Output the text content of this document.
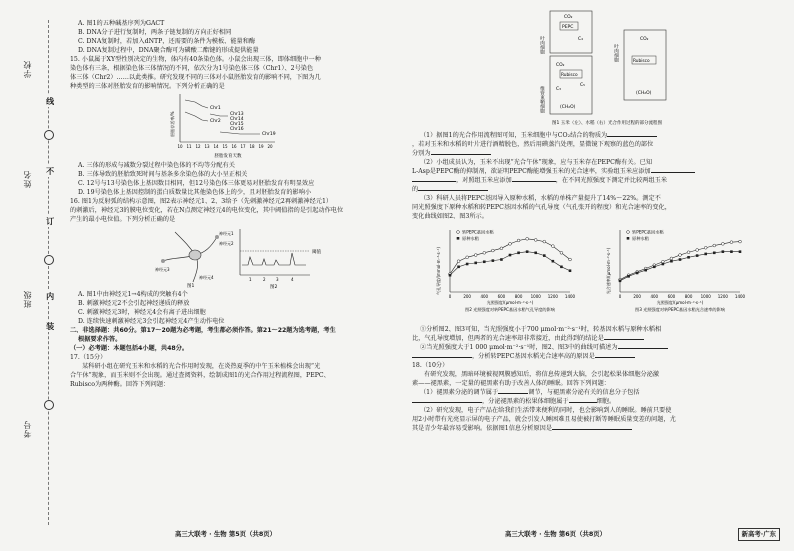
学校
姓名
班级
考号
线
订
装
不
内

A. 图1的五种碱基序列为GACT

B. DNA分子进行复制时，两条子链复制的方向正好相同

C. DNA复制时，若加入dNTP，还需要的条件为模板、能量和酶

D. DNA复制过程中，DNA聚合酶可为磷酸二酯键的形成提供能量

15. 小鼠属于XY型性别决定的生物，体内有40条染色体。小鼠会出现三体，即体细胞中一种

染色体有三条，根据染色体三体情况的不同，依次分为1号染色体三体（Chr1）、2号染色

体三体（Chr2）……以此类推。研究发现不同的三体对小鼠胚胎发育的影响不同，下图为几

种类型的三体对胚胎发育的影响情况。下列分析正确的是

胚胎存活率/%
10 11 12 13 14 15 16 17 18 19 20
Chr1
Chr2
Chr13
Chr14
Chr15
Chr16
Chr19
胚胎发育天数

A. 三体的形成与减数分裂过程中染色体的不均等分配有关

B. 三体导致的胚胎致死时间与基条多余染色体的大小呈正相关

C. 12号与13号染色体上基因数目相同，但12号染色体三体更易对胚胎发育有明显效应

D. 19号染色体上基因控制的蛋白质数量比其他染色体上的少，且对胚胎发育的影响小

16. 图1为反射弧的结构示意图，图2表示神经元1、2、3给予（先刺激神经元2再刺激神经元1）

的刺激后，神经元3的膜电位变化，若在N点测定神经元4的电位变化，其中阈值指的是引起动作电位

产生的最小电位值。下列分析正确的是

神经元1
神经元2
神经元3
神经元4
图1
阈值
1	2	3	4
图2

A. 图1中由神经元1→4构成的突触有4个

B. 刺激神经元2不会引起神经递质的释放

C. 刺激神经元3时，神经元4会有离子进出细胞

D. 连续快速刺激神经元3会引起神经元4产生动作电位

二、非选择题：共60分。第17～20题为必考题，考生都必须作答。第21～22题为选考题，考生

根据要求作答。

（一）必考题：本题包括4小题，共48分。

17.（15分）

某科研小组在研究玉米和水稻的光合作用时发现，在炎热夏季的中午玉米植株会出现“光

合午休”现象，而玉米则不会出现。通过查阅资料，绘制成图1的光合作用过程流程图，PEPC、

Rubisco为两种酶。回答下列问题：

高三大联考 · 生物 第5页（共8页）
叶肉细胞
维管束鞘细胞
CO₂
PEPC
C₄
CO₂
Rubisco
C₅
C₃
(CH₂O)
叶肉细胞
CO₂
Rubisco
(CH₂O)
图1 玉米（左）、水稻（右）光合作用过程的部分流程图

（1）据图1的光合作用流程图可知，玉米细胞中与CO₂结合的物质为

，若对玉米和水稻的叶片进行酒精脱色，然后用碘蒸汽处理，显微镜下观察的蓝色的部位

分别为

（2）小组成员认为，玉米不出现“光合午休”现象，应与玉米存在PEPC酶有关。已知

L-Asp是PEPC酶的抑制剂，欲证明PEPC酶能增强玉米的光合速率，实验组玉米应添加

，对照组玉米应添加	，在不同光照强度下测定并比较两组玉米

的

（3）科研人员将PEPC基因导入原种水稻，水稻的单株产量提升了14%～22%。测定不

同光照强度下原种水稻和转PEPC基因水稻的气孔导度（气孔张开的程度）和光合速率的变化，

变化曲线如图2、图3所示。

气孔导度/(mmol·m⁻²·s⁻¹)
0	200 400 600 800 1000 1200 1400
光照强度/(μmol·m⁻²·s⁻¹)
图2 光照强度对转PEPC基因水稻气孔导度的影响
转PEPC基因水稻
原种水稻
光合速率/(μmol·m⁻²·s⁻¹)
0	200 400 600 800 1000 1200 1400
光照强度/(μmol·m⁻²·s⁻¹)
图3 光照强度对转PEPC基因水稻光合速率的影响
转PEPC基因水稻
原种水稻

①分析图2、图3可知，当光照强度小于700 μmol·m⁻²·s⁻¹时，转基因水稻与原种水稻相

比，气孔导度增加，但两者的光合速率却非常接近，由此得到的结论是

②当光照强度大于1 000 μmol·m⁻²·s⁻¹时，图2、图3中的曲线可描述为

，分析转PEPC基因水稻光合速率高的原因是

18.（10分）

有研究发现，黑暗环境被视网膜感知后，将信息传递到大脑，会引起松果体细胞分泌激

素——褪黑素，一定量的褪黑素有助于改善人体的睡眠。回答下列问题：

（1）褪黑素分泌的调节属于	调节，与褪黑素分泌有关的信息分子包括

，分泌褪黑素的松果体细胞属于	细胞。

（2）研究发现，电子产品在给我们生活带来便利的同时，也会影响到人的睡眠。睡前只要使

用2小时带有光亮显示屏的电子产品，就会引发人睡困难且易使被打断等睡眠质量变差的问题，尤

其是青少年最容易受影响。依据图1信息分析原因是

高三大联考 · 生物 第6页（共8页）	新高考·广东
